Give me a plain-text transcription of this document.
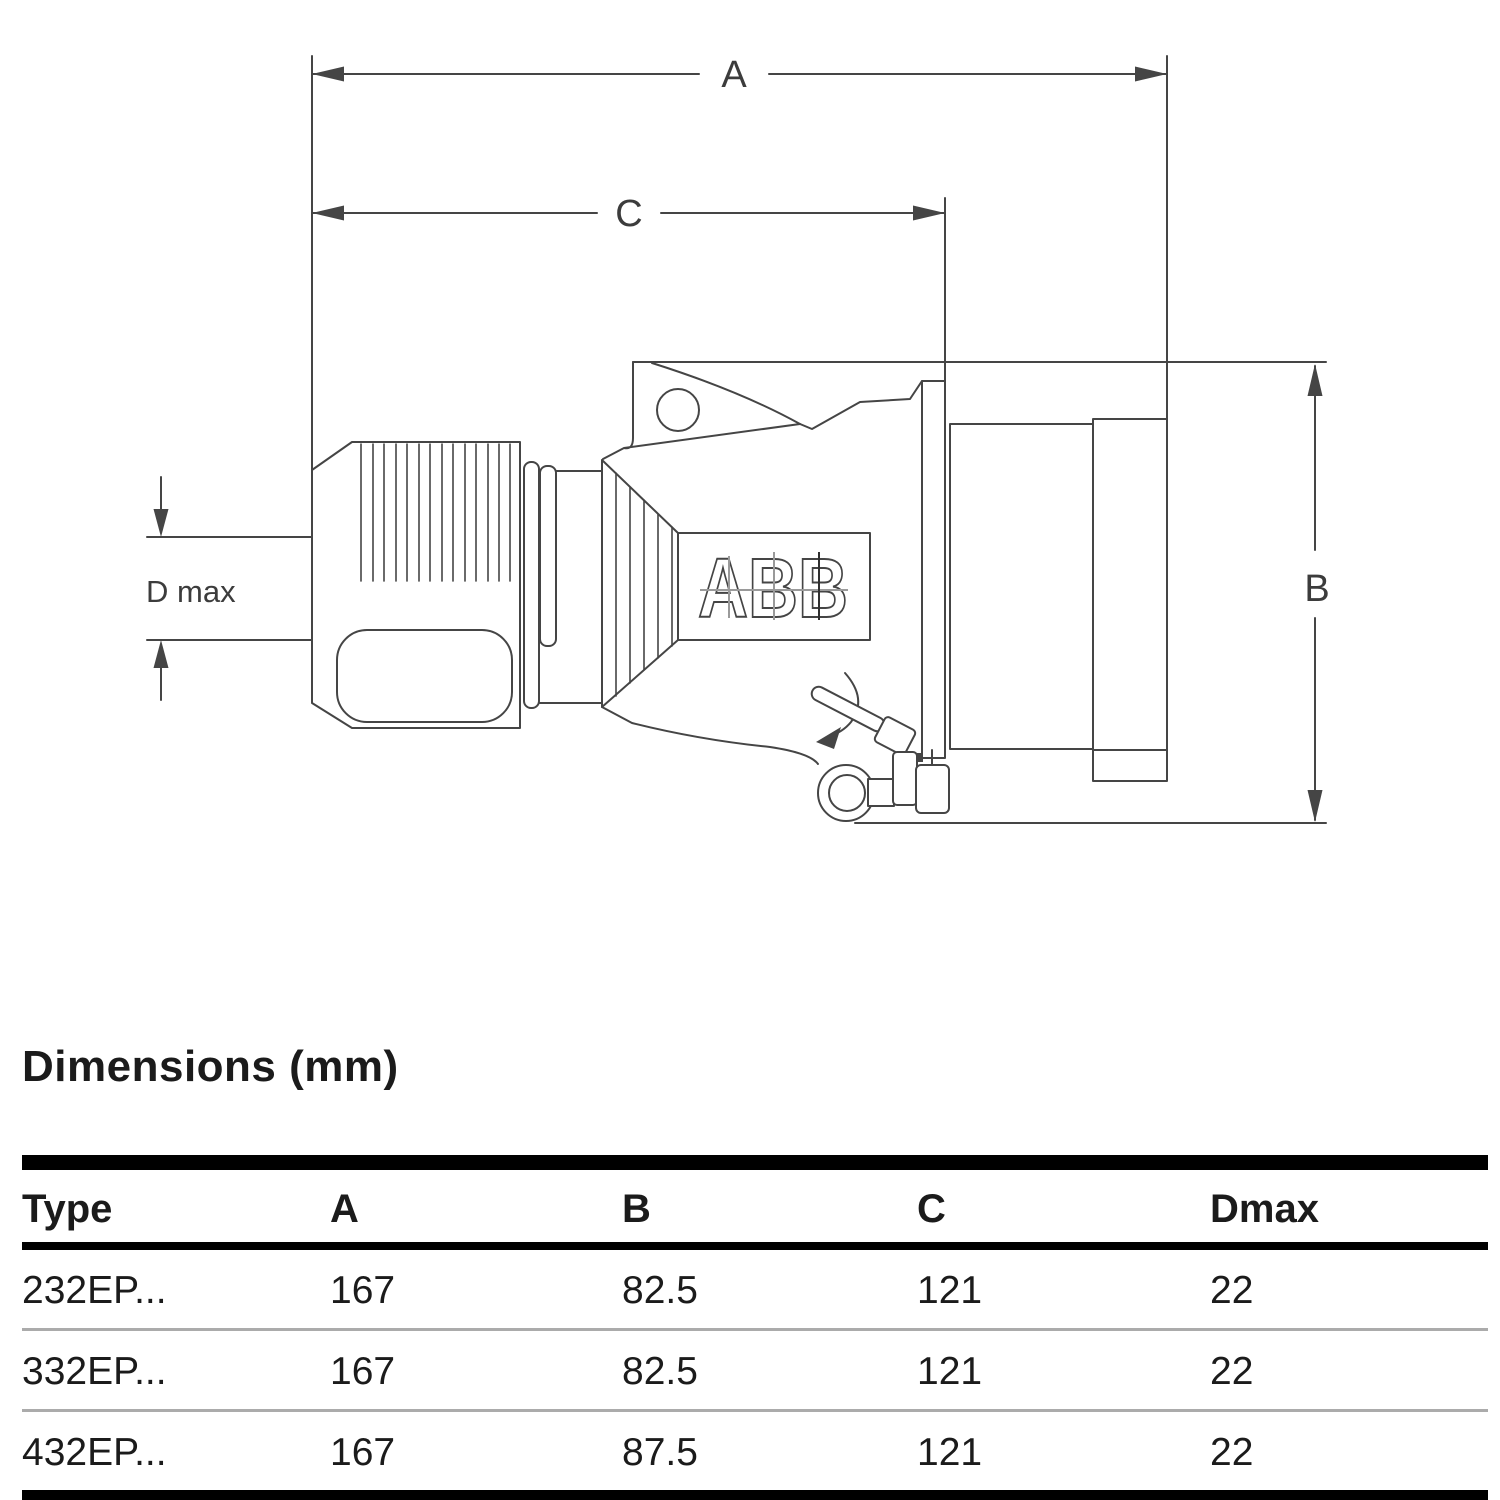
A
C
B
D max	ABB
Dimensions (mm)
Type	A	B	C	Dmax
232EP...	167	82.5	121	22
332EP...	167	82.5	121	22
432EP...	167	87.5	121	22
